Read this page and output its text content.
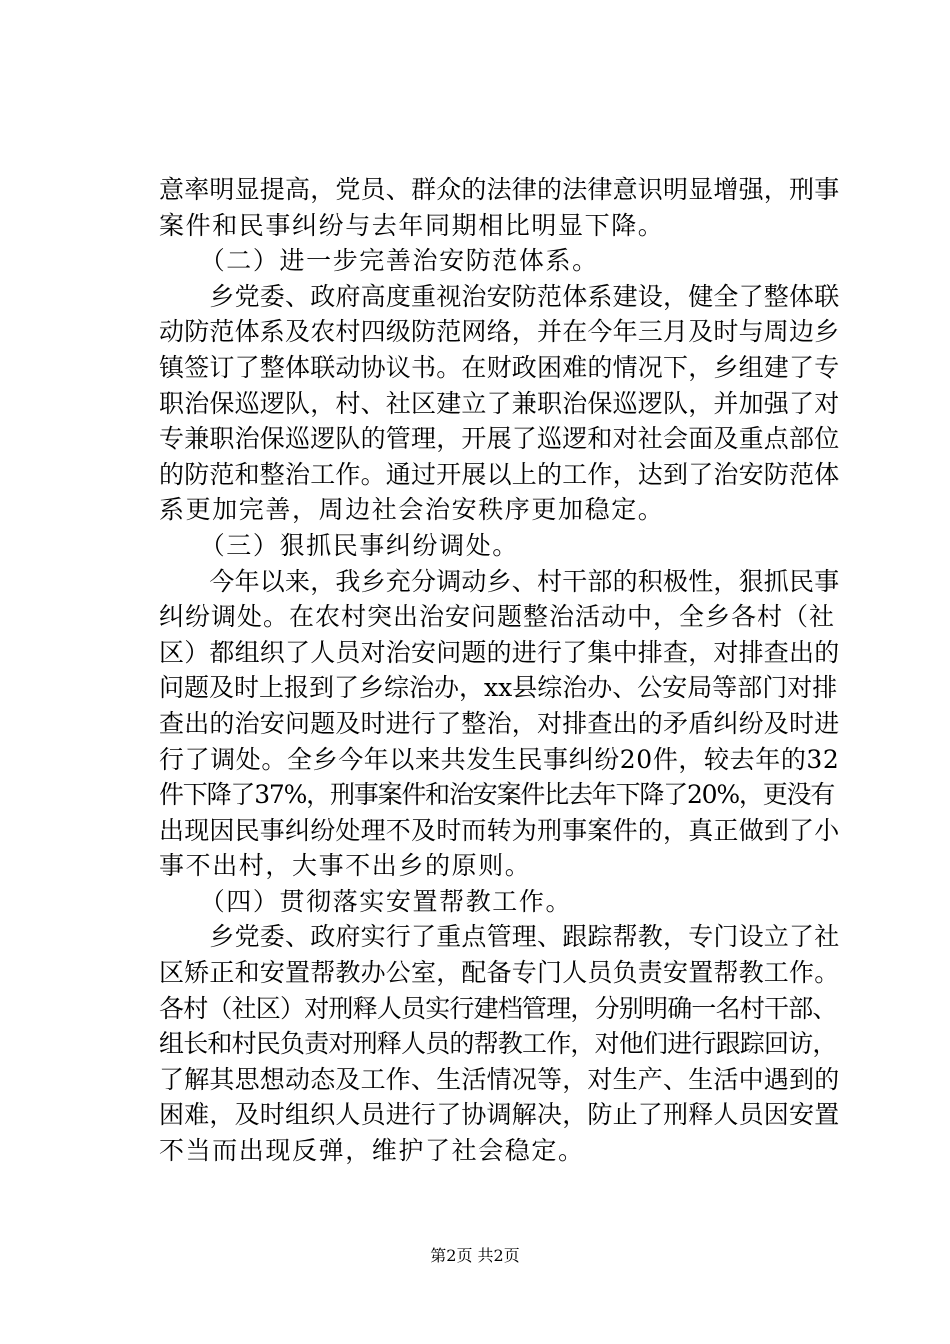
意率明显提高，党员、群众的法律的法律意识明显增强，刑事
案件和民事纠纷与去年同期相比明显下降。
　　（二）进一步完善治安防范体系。
　　乡党委、政府高度重视治安防范体系建设，健全了整体联
动防范体系及农村四级防范网络，并在今年三月及时与周边乡
镇签订了整体联动协议书。在财政困难的情况下，乡组建了专
职治保巡逻队，村、社区建立了兼职治保巡逻队，并加强了对
专兼职治保巡逻队的管理，开展了巡逻和对社会面及重点部位
的防范和整治工作。通过开展以上的工作，达到了治安防范体
系更加完善，周边社会治安秩序更加稳定。
　　（三）狠抓民事纠纷调处。
　　今年以来，我乡充分调动乡、村干部的积极性，狠抓民事
纠纷调处。在农村突出治安问题整治活动中，全乡各村（社
区）都组织了人员对治安问题的进行了集中排查，对排查出的
问题及时上报到了乡综治办，xx县综治办、公安局等部门对排
查出的治安问题及时进行了整治，对排查出的矛盾纠纷及时进
行了调处。全乡今年以来共发生民事纠纷20件，较去年的32
件下降了37%，刑事案件和治安案件比去年下降了20%，更没有
出现因民事纠纷处理不及时而转为刑事案件的，真正做到了小
事不出村，大事不出乡的原则。
　　（四）贯彻落实安置帮教工作。
　　乡党委、政府实行了重点管理、跟踪帮教，专门设立了社
区矫正和安置帮教办公室，配备专门人员负责安置帮教工作。
各村（社区）对刑释人员实行建档管理，分别明确一名村干部、
组长和村民负责对刑释人员的帮教工作，对他们进行跟踪回访，
了解其思想动态及工作、生活情况等，对生产、生活中遇到的
困难，及时组织人员进行了协调解决，防止了刑释人员因安置
不当而出现反弹，维护了社会稳定。
第2页 共2页
